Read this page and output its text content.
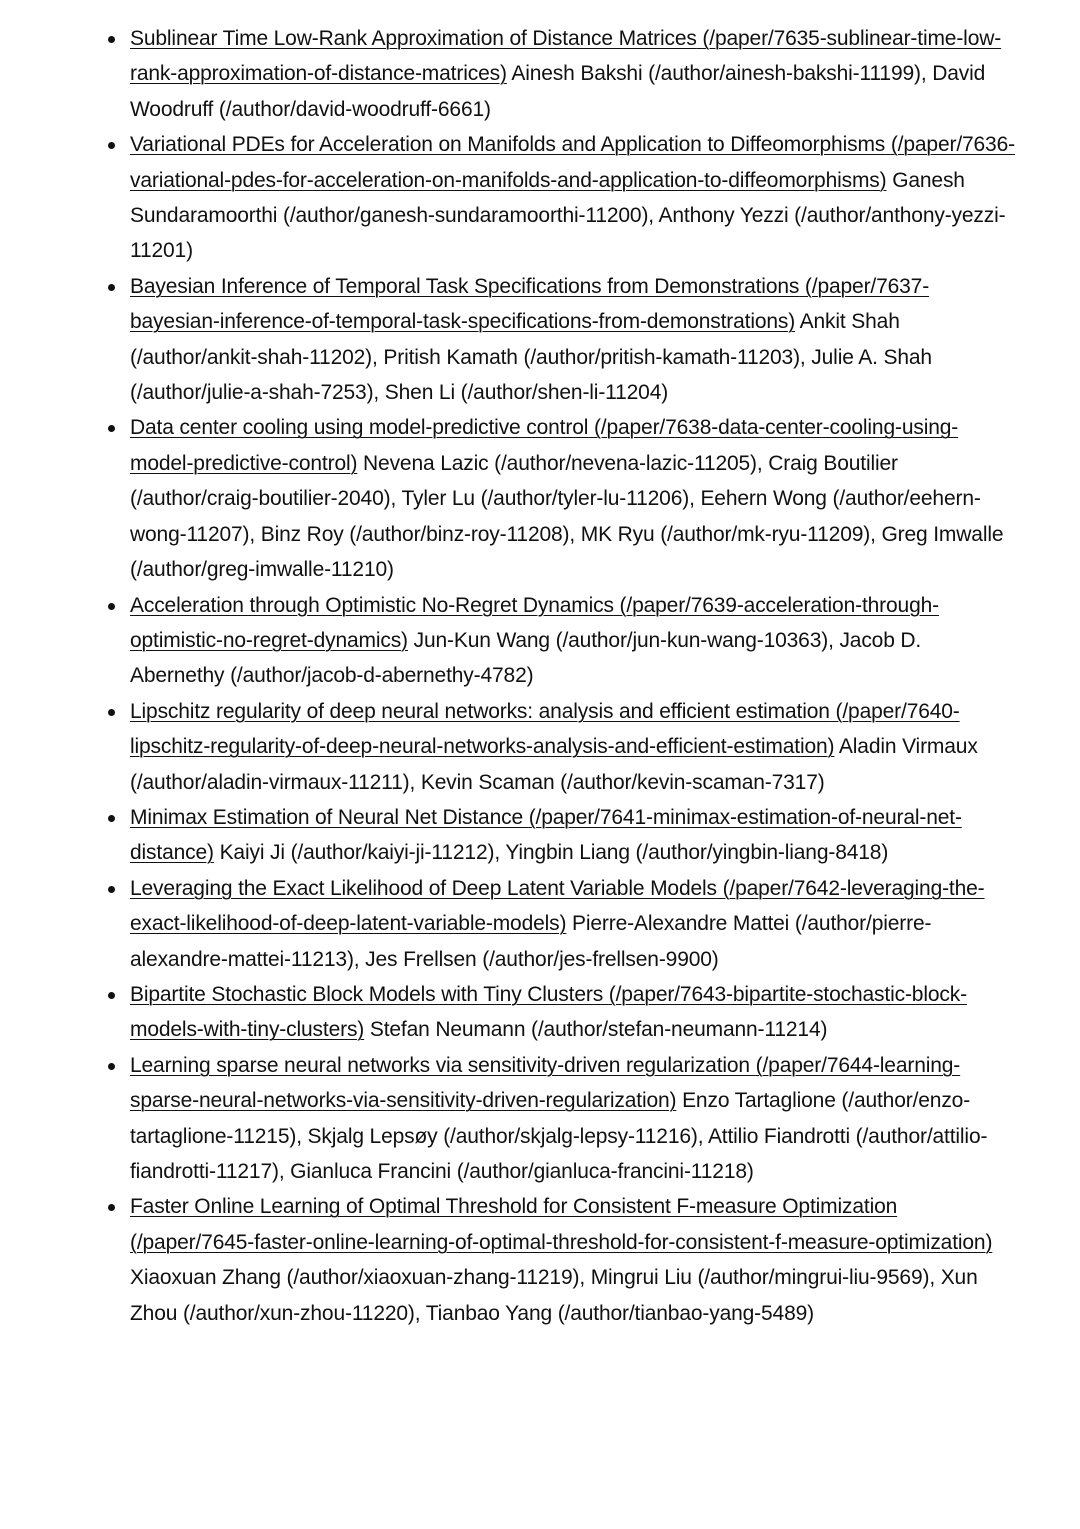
Sublinear Time Low-Rank Approximation of Distance Matrices (/paper/7635-sublinear-time-low-rank-approximation-of-distance-matrices) Ainesh Bakshi (/author/ainesh-bakshi-11199), David Woodruff (/author/david-woodruff-6661)
Variational PDEs for Acceleration on Manifolds and Application to Diffeomorphisms (/paper/7636-variational-pdes-for-acceleration-on-manifolds-and-application-to-diffeomorphisms) Ganesh Sundaramoorthi (/author/ganesh-sundaramoorthi-11200), Anthony Yezzi (/author/anthony-yezzi-11201)
Bayesian Inference of Temporal Task Specifications from Demonstrations (/paper/7637-bayesian-inference-of-temporal-task-specifications-from-demonstrations) Ankit Shah (/author/ankit-shah-11202), Pritish Kamath (/author/pritish-kamath-11203), Julie A. Shah (/author/julie-a-shah-7253), Shen Li (/author/shen-li-11204)
Data center cooling using model-predictive control (/paper/7638-data-center-cooling-using-model-predictive-control) Nevena Lazic (/author/nevena-lazic-11205), Craig Boutilier (/author/craig-boutilier-2040), Tyler Lu (/author/tyler-lu-11206), Eehern Wong (/author/eehern-wong-11207), Binz Roy (/author/binz-roy-11208), MK Ryu (/author/mk-ryu-11209), Greg Imwalle (/author/greg-imwalle-11210)
Acceleration through Optimistic No-Regret Dynamics (/paper/7639-acceleration-through-optimistic-no-regret-dynamics) Jun-Kun Wang (/author/jun-kun-wang-10363), Jacob D. Abernethy (/author/jacob-d-abernethy-4782)
Lipschitz regularity of deep neural networks: analysis and efficient estimation (/paper/7640-lipschitz-regularity-of-deep-neural-networks-analysis-and-efficient-estimation) Aladin Virmaux (/author/aladin-virmaux-11211), Kevin Scaman (/author/kevin-scaman-7317)
Minimax Estimation of Neural Net Distance (/paper/7641-minimax-estimation-of-neural-net-distance) Kaiyi Ji (/author/kaiyi-ji-11212), Yingbin Liang (/author/yingbin-liang-8418)
Leveraging the Exact Likelihood of Deep Latent Variable Models (/paper/7642-leveraging-the-exact-likelihood-of-deep-latent-variable-models) Pierre-Alexandre Mattei (/author/pierre-alexandre-mattei-11213), Jes Frellsen (/author/jes-frellsen-9900)
Bipartite Stochastic Block Models with Tiny Clusters (/paper/7643-bipartite-stochastic-block-models-with-tiny-clusters) Stefan Neumann (/author/stefan-neumann-11214)
Learning sparse neural networks via sensitivity-driven regularization (/paper/7644-learning-sparse-neural-networks-via-sensitivity-driven-regularization) Enzo Tartaglione (/author/enzo-tartaglione-11215), Skjalg Lepsøy (/author/skjalg-lepsy-11216), Attilio Fiandrotti (/author/attilio-fiandrotti-11217), Gianluca Francini (/author/gianluca-francini-11218)
Faster Online Learning of Optimal Threshold for Consistent F-measure Optimization (/paper/7645-faster-online-learning-of-optimal-threshold-for-consistent-f-measure-optimization) Xiaoxuan Zhang (/author/xiaoxuan-zhang-11219), Mingrui Liu (/author/mingrui-liu-9569), Xun Zhou (/author/xun-zhou-11220), Tianbao Yang (/author/tianbao-yang-5489)
